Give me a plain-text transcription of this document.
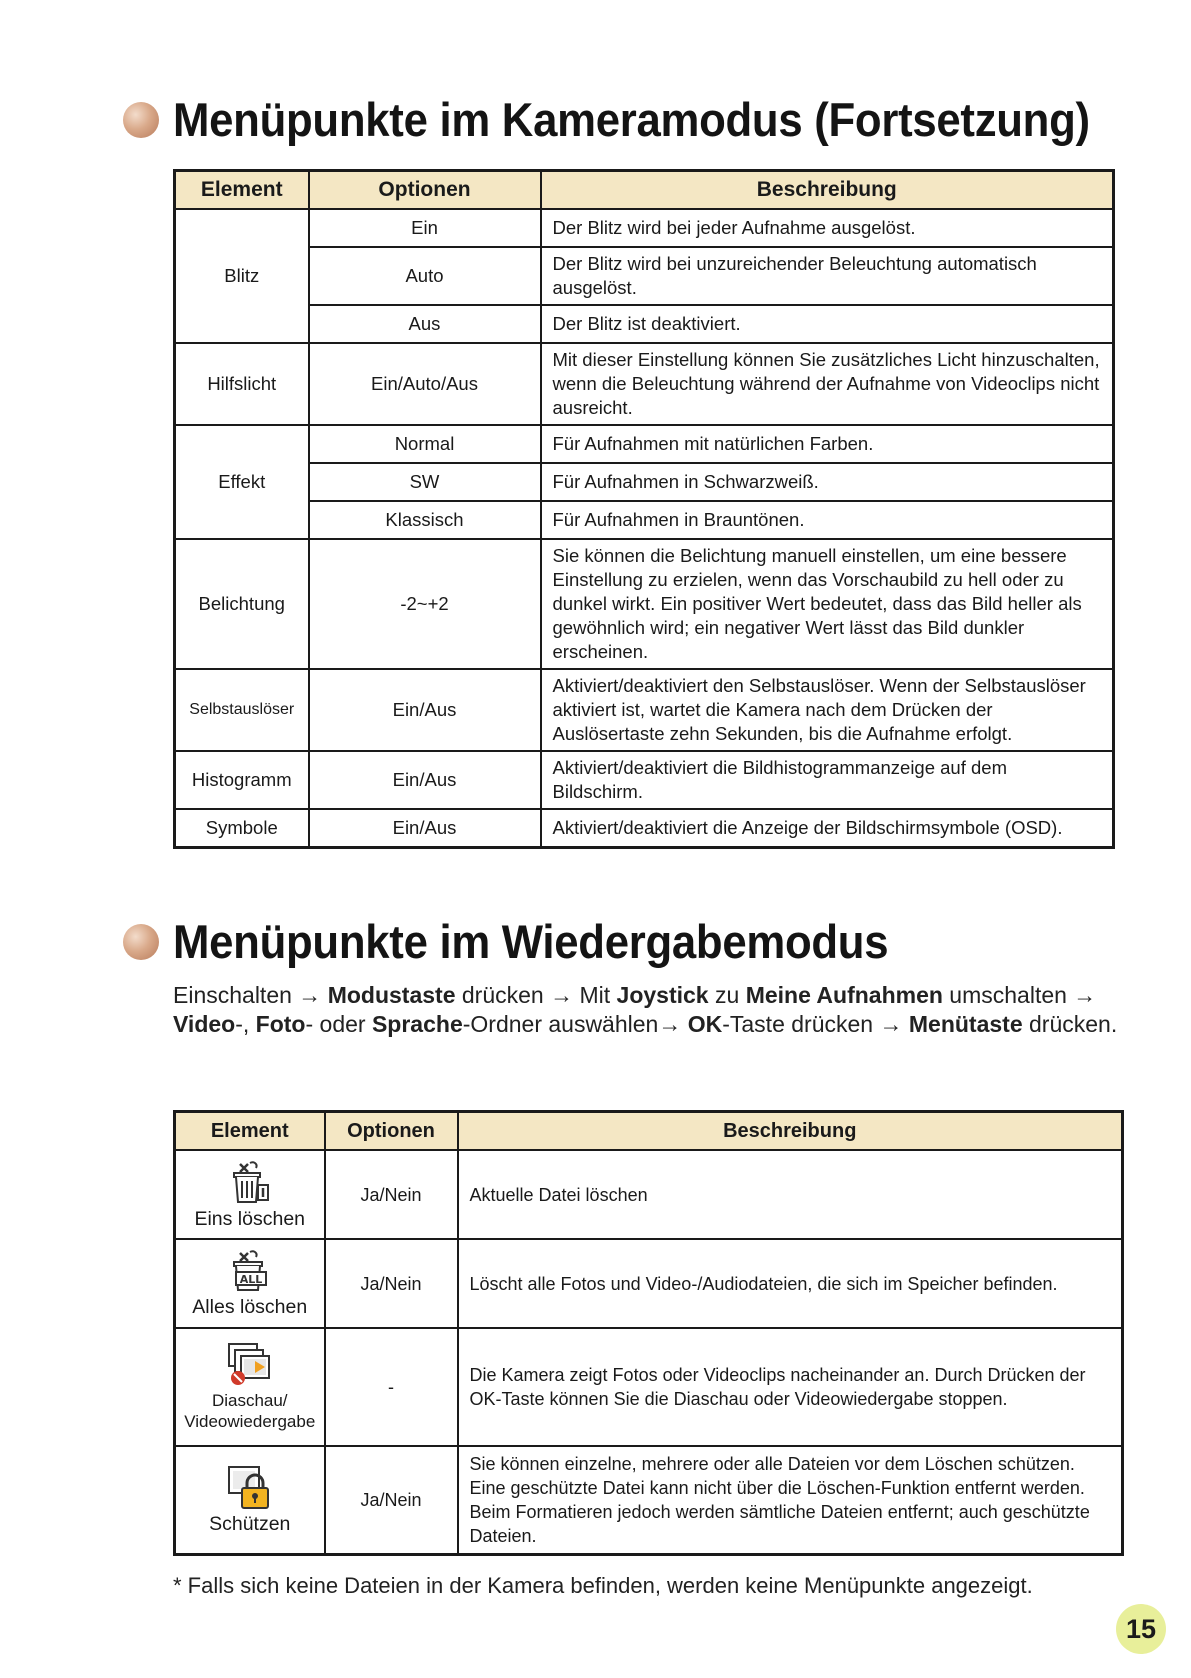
Menüpunkte im Kameramodus (Fortsetzung)
Element	Optionen	Beschreibung
Blitz	Ein	Der Blitz wird bei jeder Aufnahme ausgelöst.
	Auto	Der Blitz wird bei unzureichender Beleuchtung automatisch ausgelöst.
	Aus	Der Blitz ist deaktiviert.
Hilfslicht	Ein/Auto/Aus	Mit dieser Einstellung können Sie zusätzliches Licht hinzuschalten, wenn die Beleuchtung während der Aufnahme von Videoclips nicht ausreicht.
Effekt	Normal	Für Aufnahmen mit natürlichen Farben.
	SW	Für Aufnahmen in Schwarzweiß.
	Klassisch	Für Aufnahmen in Brauntönen.
Belichtung	-2~+2	Sie können die Belichtung manuell einstellen, um eine bessere Einstellung zu erzielen, wenn das Vorschaubild zu hell oder zu dunkel wirkt. Ein positiver Wert bedeutet, dass das Bild heller als gewöhnlich wird; ein negativer Wert lässt das Bild dunkler erscheinen.
Selbstauslöser	Ein/Aus	Aktiviert/deaktiviert den Selbstauslöser. Wenn der Selbstauslöser aktiviert ist, wartet die Kamera nach dem Drücken der Auslösertaste zehn Sekunden, bis die Aufnahme erfolgt.
Histogramm	Ein/Aus	Aktiviert/deaktiviert die Bildhistogrammanzeige auf dem Bildschirm.
Symbole	Ein/Aus	Aktiviert/deaktiviert die Anzeige der Bildschirmsymbole (OSD).
Menüpunkte im Wiedergabemodus

Einschalten → Modustaste drücken → Mit Joystick zu Meine Aufnahmen umschalten → Video-, Foto- oder Sprache-Ordner auswählen→ OK-Taste drücken → Menütaste drücken.

Element	Optionen	Beschreibung

Eins löschen	Ja/Nein	Aktuelle Datei löschen

ALL
Alles löschen	Ja/Nein	Löscht alle Fotos und Video-/Audiodateien, die sich im Speicher befinden.

Diaschau/ Videowiedergabe	-	Die Kamera zeigt Fotos oder Videoclips nacheinander an. Durch Drücken der OK-Taste können Sie die Diaschau oder Videowiedergabe stoppen.

Schützen	Ja/Nein	Sie können einzelne, mehrere oder alle Dateien vor dem Löschen schützen. Eine geschützte Datei kann nicht über die Löschen-Funktion entfernt werden. Beim Formatieren jedoch werden sämtliche Dateien entfernt; auch geschützte Dateien.

* Falls sich keine Dateien in der Kamera befinden, werden keine Menüpunkte angezeigt.

15
